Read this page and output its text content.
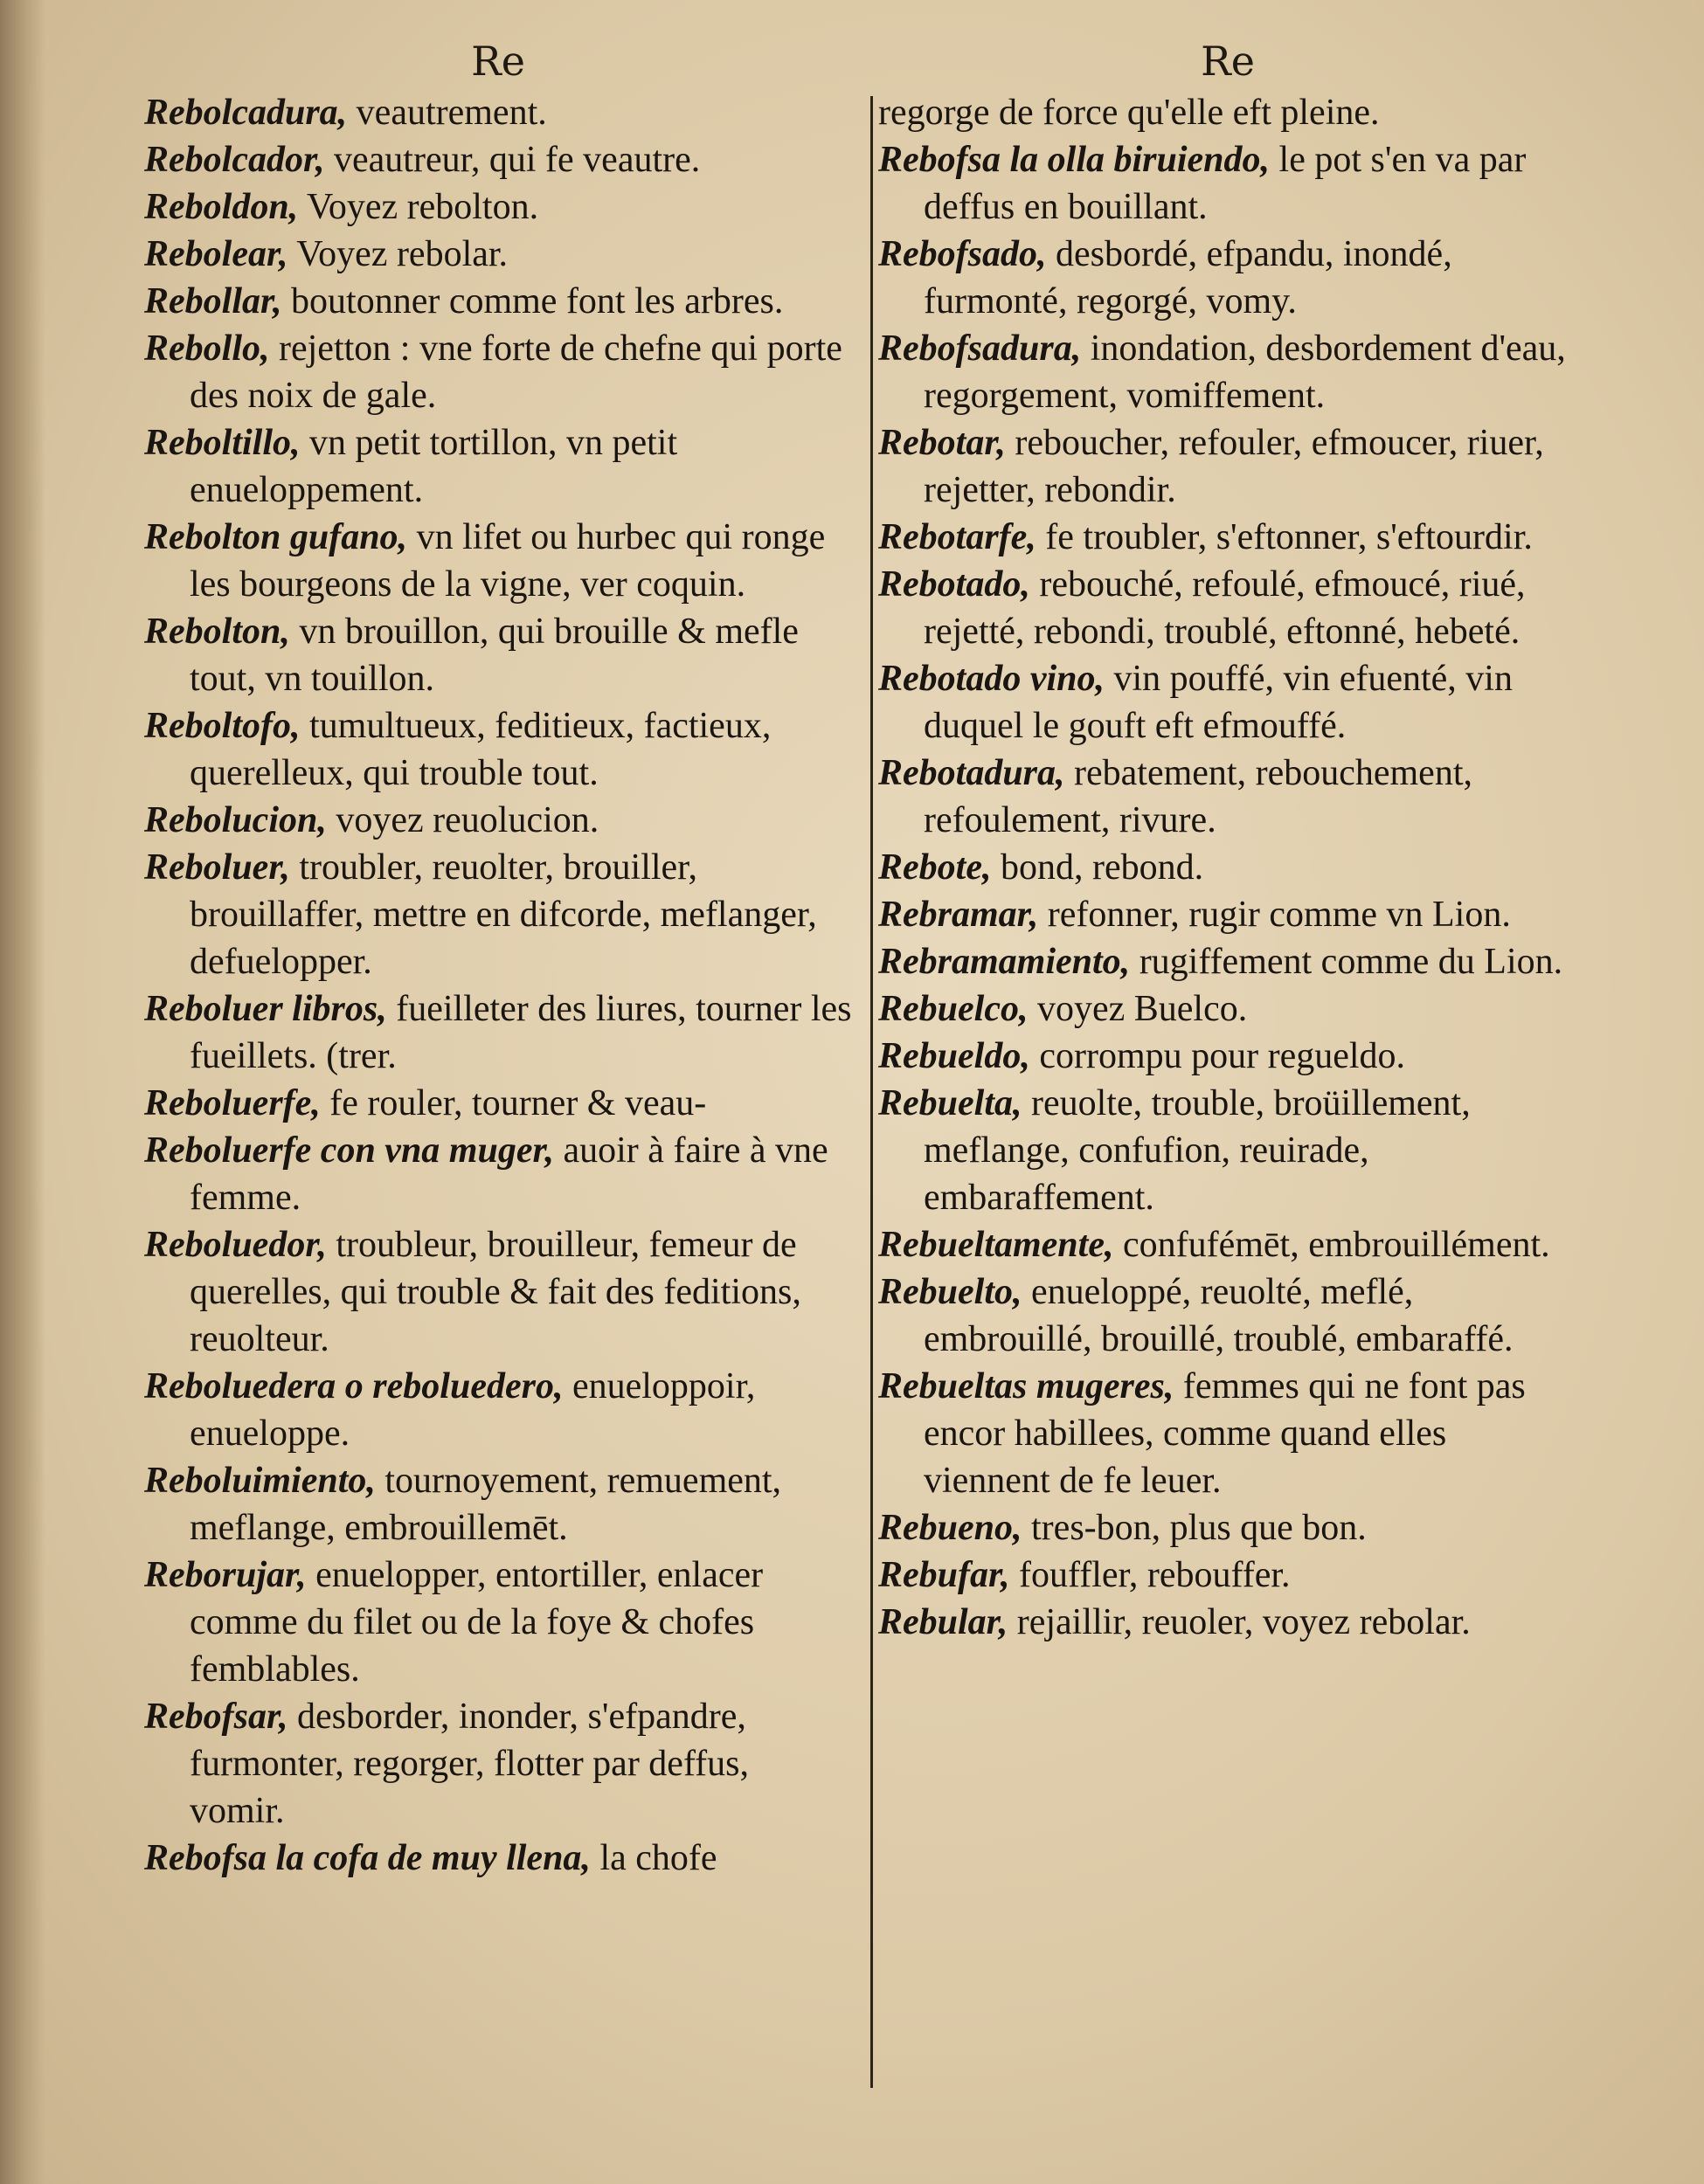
Re

Rebolcadura, veautrement.

Rebolcador, veautreur, qui fe veautre.

Reboldon, Voyez rebolton.

Rebolear, Voyez rebolar.

Rebollar, boutonner comme font les arbres.

Rebollo, rejetton : vne forte de chefne qui porte des noix de gale.

Reboltillo, vn petit tortillon, vn petit enueloppement.

Rebolton gufano, vn lifet ou hurbec qui ronge les bourgeons de la vigne, ver coquin.

Rebolton, vn brouillon, qui brouille & mefle tout, vn touillon.

Reboltofo, tumultueux, feditieux, factieux, querelleux, qui trouble tout.

Rebolucion, voyez reuolucion.

Reboluer, troubler, reuolter, brouiller, brouillaffer, mettre en difcorde, meflanger, defuelopper.

Reboluer libros, fueilleter des liures, tourner les fueillets. (trer.

Reboluerfe, fe rouler, tourner & veau-

Reboluerfe con vna muger, auoir à faire à vne femme.

Reboluedor, troubleur, brouilleur, femeur de querelles, qui trouble & fait des feditions, reuolteur.

Reboluedera o reboluedero, enueloppoir, enueloppe.

Reboluimiento, tournoyement, remuement, meflange, embrouillemēt.

Reborujar, enuelopper, entortiller, enlacer comme du filet ou de la foye & chofes femblables.

Rebofsar, desborder, inonder, s'efpandre, furmonter, regorger, flotter par deffus, vomir.

Rebofsa la cofa de muy llena, la chofe

Re

regorge de force qu'elle eft pleine.

Rebofsa la olla biruiendo, le pot s'en va par deffus en bouillant.

Rebofsado, desbordé, efpandu, inondé, furmonté, regorgé, vomy.

Rebofsadura, inondation, desbordement d'eau, regorgement, vomiffement.

Rebotar, reboucher, refouler, efmoucer, riuer, rejetter, rebondir.

Rebotarfe, fe troubler, s'eftonner, s'eftourdir.

Rebotado, rebouché, refoulé, efmoucé, riué, rejetté, rebondi, troublé, eftonné, hebeté.

Rebotado vino, vin pouffé, vin efuenté, vin duquel le gouft eft efmouffé.

Rebotadura, rebatement, rebouchement, refoulement, rivure.

Rebote, bond, rebond.

Rebramar, refonner, rugir comme vn Lion.

Rebramamiento, rugiffement comme du Lion.

Rebuelco, voyez Buelco.

Rebueldo, corrompu pour regueldo.

Rebuelta, reuolte, trouble, broüillement, meflange, confufion, reuirade, embaraffement.

Rebueltamente, confufémēt, embrouillément.

Rebuelto, enueloppé, reuolté, meflé, embrouillé, brouillé, troublé, embaraffé.

Rebueltas mugeres, femmes qui ne font pas encor habillees, comme quand elles viennent de fe leuer.

Rebueno, tres-bon, plus que bon.

Rebufar, fouffler, rebouffer.

Rebular, rejaillir, reuoler, voyez rebolar.
